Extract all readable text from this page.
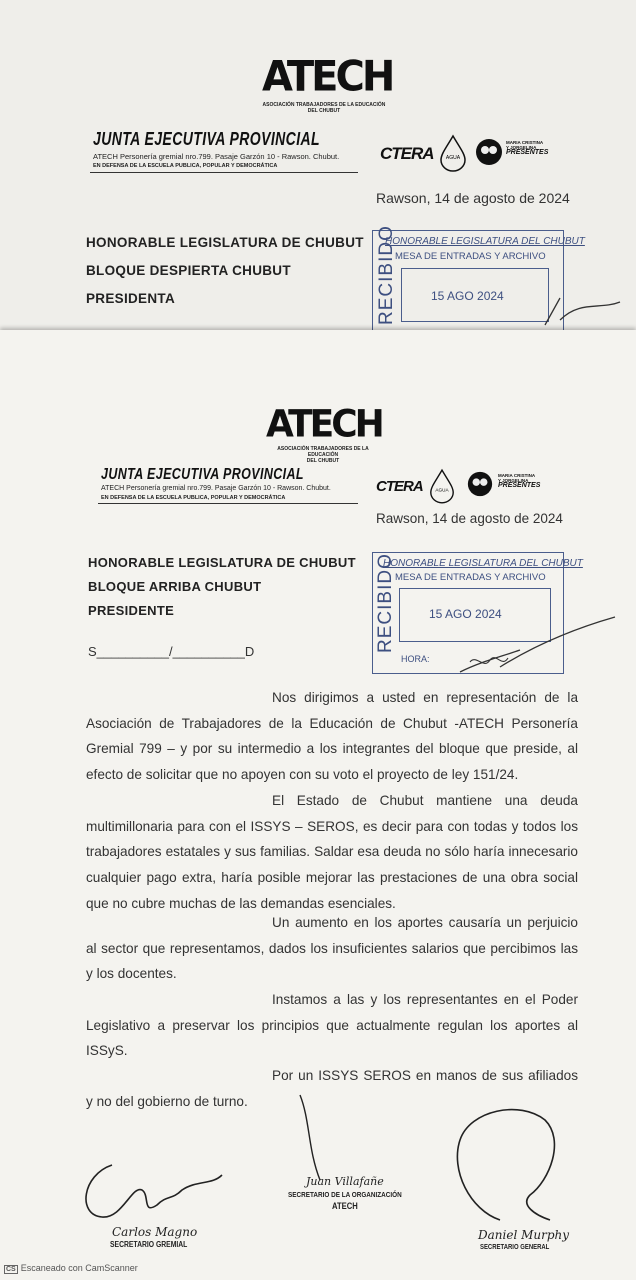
ATECH
ASOCIACIÓN TRABAJADORES DE LA EDUCACIÓN
DEL CHUBUT
JUNTA EJECUTIVA PROVINCIAL
ATECH Personería gremial nro.799. Pasaje Garzón 10 - Rawson. Chubut.
EN DEFENSA DE LA ESCUELA PUBLICA, POPULAR Y DEMOCRÁTICA
CTERA AGUA
MARIA CRISTINA
Y JORGELINA
PRESENTES
Rawson, 14 de agosto de 2024
HONORABLE LEGISLATURA DE CHUBUT
BLOQUE DESPIERTA CHUBUT
PRESIDENTA
HONORABLE LEGISLATURA DEL CHUBUT
MESA DE ENTRADAS Y ARCHIVO
RECIBIDO	15 AGO 2024
ATECH
ASOCIACIÓN TRABAJADORES DE LA EDUCACIÓN
DEL CHUBUT
JUNTA EJECUTIVA PROVINCIAL
ATECH Personería gremial nro.799. Pasaje Garzón 10 - Rawson. Chubut.
EN DEFENSA DE LA ESCUELA PUBLICA, POPULAR Y DEMOCRÁTICA
CTERA	AGUA
MARIA CRISTINA
Y JORGELINA
PRESENTES
Rawson, 14 de agosto de 2024
HONORABLE LEGISLATURA DE CHUBUT
BLOQUE ARRIBA CHUBUT
PRESIDENTE
HONORABLE LEGISLATURA DEL CHUBUT
MESA DE ENTRADAS Y ARCHIVO
RECIBIDO	15 AGO 2024
HORA:
S__________/__________D
Nos dirigimos a usted en representación de la Asociación de Trabajadores de la Educación de Chubut -ATECH Personería Gremial 799 – y por su intermedio a los integrantes del bloque que preside, al efecto de solicitar que no apoyen con su voto el proyecto de ley 151/24.
El Estado de Chubut mantiene una deuda multimillonaria para con el ISSYS – SEROS, es decir para con todas y todos los trabajadores estatales y sus familias. Saldar esa deuda no sólo haría innecesario cualquier pago extra, haría posible mejorar las prestaciones de una obra social que no cubre muchas de las demandas esenciales.
Un aumento en los aportes causaría un perjuicio al sector que representamos, dados los insuficientes salarios que percibimos las y los docentes.
Instamos a las y los representantes en el Poder Legislativo a preservar los principios que actualmente regulan los aportes al ISSyS.
Por un ISSYS SEROS en manos de sus afiliados y no del gobierno de turno.
Carlos Magno
SECRETARIO GREMIAL
Juan Villafañe
SECRETARIO DE LA ORGANIZACIÓN
ATECH
Daniel Murphy
SECRETARIO GENERAL
CS Escaneado con CamScanner
